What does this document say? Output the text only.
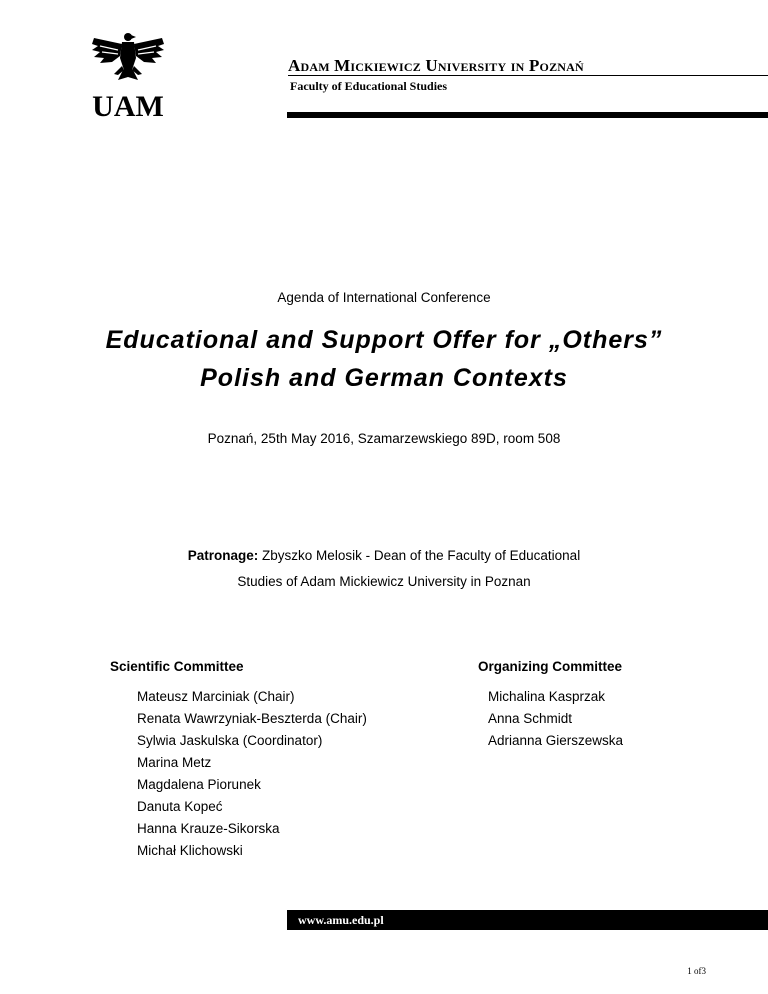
UAM
Adam Mickiewicz University in Poznań
Faculty of Educational Studies
Agenda of International Conference
Educational and Support Offer for „Others”
Polish and German Contexts
Poznań, 25th May 2016, Szamarzewskiego 89D, room 508
Patronage: Zbyszko Melosik - Dean of the Faculty of Educational
Studies of Adam Mickiewicz University in Poznan
Scientific Committee
Mateusz Marciniak (Chair)
Renata Wawrzyniak-Beszterda (Chair)
Sylwia Jaskulska (Coordinator)
Marina Metz
Magdalena Piorunek
Danuta Kopeć
Hanna Krauze-Sikorska
Michał Klichowski
Organizing Committee
Michalina Kasprzak
Anna Schmidt
Adrianna Gierszewska
www.amu.edu.pl
1 of3
